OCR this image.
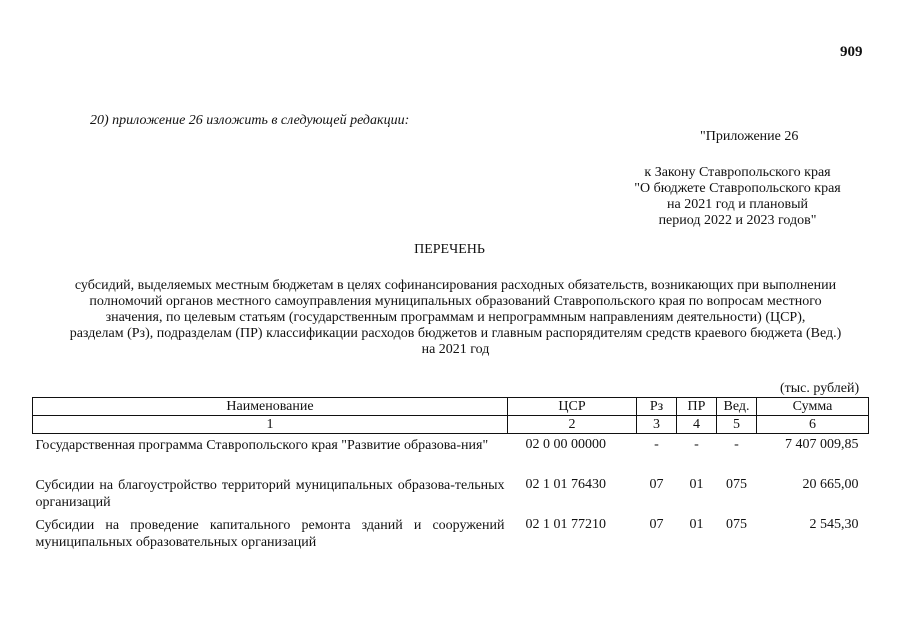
909
20) приложение 26 изложить в следующей редакции:
"Приложение 26
к Закону Ставропольского края
"О бюджете Ставропольского края
на 2021 год и плановый
период 2022 и 2023 годов"
ПЕРЕЧЕНЬ
субсидий, выделяемых местным бюджетам в целях софинансирования расходных обязательств, возникающих при выполнении
полномочий органов местного самоуправления муниципальных образований Ставропольского края по вопросам местного
значения, по целевым статьям (государственным программам и непрограммным направлениям деятельности) (ЦСР),
разделам (Рз), подразделам (ПР) классификации расходов бюджетов и главным распорядителям средств краевого бюджета (Вед.)
на 2021 год
(тыс. рублей)
Наименование	ЦСР	Рз	ПР	Вед.	Сумма
1	2	3	4	5	6
Государственная программа Ставропольского края "Развитие образова-ния"	02 0 00 00000	-	-	-	7 407 009,85
Субсидии на благоустройство территорий муниципальных образова-тельных организаций	02 1 01 76430	07	01	075	20 665,00
Субсидии на проведение капитального ремонта зданий и сооружений муниципальных образовательных организаций	02 1 01 77210	07	01	075	2 545,30
